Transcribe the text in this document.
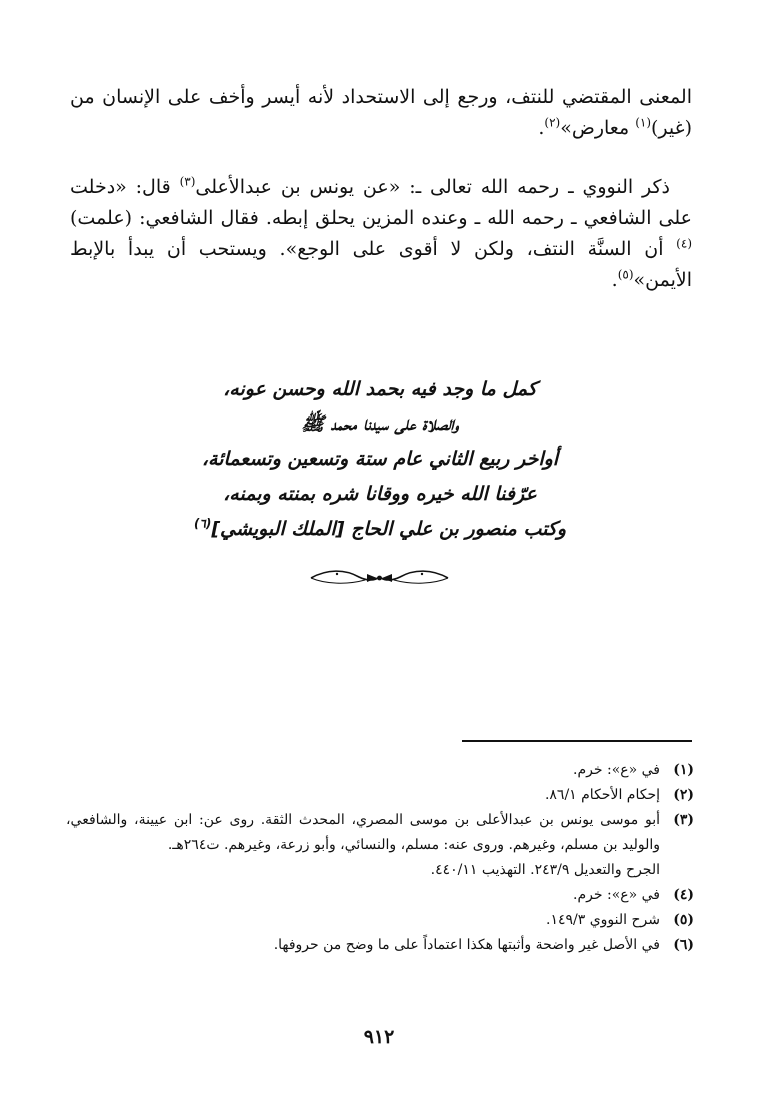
المعنى المقتضي للنتف، ورجع إلى الاستحداد لأنه أيسر وأخف على الإنسان من (غير)$^{(١)}$ معارض»$^{(٢)}$.

ذكر النووي ـ رحمه الله تعالى ـ: «عن يونس بن عبدالأعلى$^{(٣)}$ قال: «دخلت على الشافعي ـ رحمه الله ـ وعنده المزين يحلق إبطه. فقال الشافعي: (علمت)$^{(٤)}$ أن السنَّة النتف، ولكن لا أقوى على الوجع». ويستحب أن يبدأ بالإبط الأيمن»$^{(٥)}$.

كمل ما وجد فيه بحمد الله وحسن عونه،
والصلاة على سيدنا محمد ﷺ
أواخر ربيع الثاني عام ستة وتسعين وتسعمائة،
عرّفنا الله خيره ووقانا شره بمنته وبمنه،
وكتب منصور بن علي الحاج [الملك البويشي]$^{(٦)}$
(١)
في «ع»: خرم.
(٢)
إحكام الأحكام ٨٦/١.
(٣)
أبو موسى يونس بن عبدالأعلى بن موسى المصري، المحدث الثقة. روى عن: ابن عيينة، والشافعي، والوليد بن مسلم، وغيرهم. وروى عنه: مسلم، والنسائي، وأبو زرعة، وغيرهم. ت٢٦٤هـ.
الجرح والتعديل ٢٤٣/٩. التهذيب ٤٤٠/١١.
(٤)
في «ع»: خرم.
(٥)
شرح النووي ١٤٩/٣.
(٦)
في الأصل غير واضحة وأثبتها هكذا اعتماداً على ما وضح من حروفها.
٩١٢
